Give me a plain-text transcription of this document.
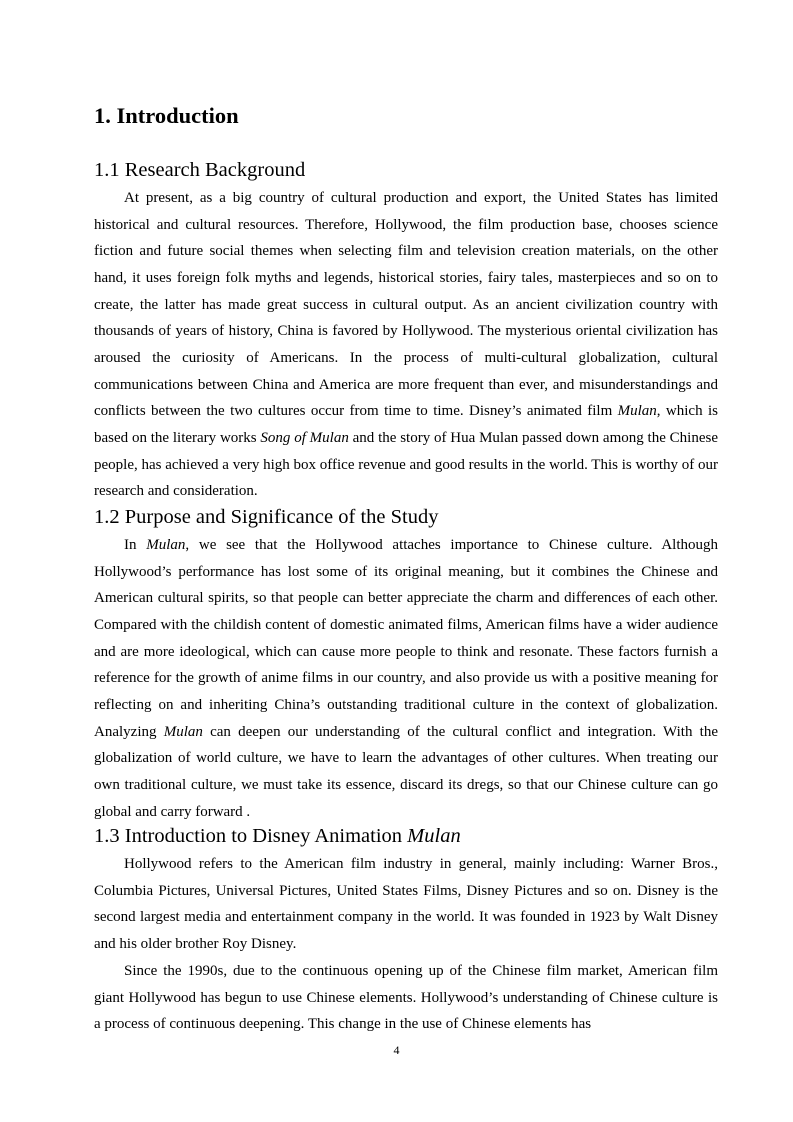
1. Introduction
1.1 Research Background

At present, as a big country of cultural production and export, the United States has limited historical and cultural resources. Therefore, Hollywood, the film production base, chooses science fiction and future social themes when selecting film and television creation materials, on the other hand, it uses foreign folk myths and legends, historical stories, fairy tales, masterpieces and so on to create, the latter has made great success in cultural output. As an ancient civilization country with thousands of years of history, China is favored by Hollywood. The mysterious oriental civilization has aroused the curiosity of Americans. In the process of multi-cultural globalization, cultural communications between China and America are more frequent than ever, and misunderstandings and conflicts between the two cultures occur from time to time. Disney’s animated film Mulan, which is based on the literary works Song of Mulan and the story of Hua Mulan passed down among the Chinese people, has achieved a very high box office revenue and good results in the world. This is worthy of our research and consideration.

1.2 Purpose and Significance of the Study

In Mulan, we see that the Hollywood attaches importance to Chinese culture. Although Hollywood’s performance has lost some of its original meaning, but it combines the Chinese and American cultural spirits, so that people can better appreciate the charm and differences of each other. Compared with the childish content of domestic animated films, American films have a wider audience and are more ideological, which can cause more people to think and resonate. These factors furnish a reference for the growth of anime films in our country, and also provide us with a positive meaning for reflecting on and inheriting China’s outstanding traditional culture in the context of globalization. Analyzing Mulan can deepen our understanding of the cultural conflict and integration. With the globalization of world culture, we have to learn the advantages of other cultures. When treating our own traditional culture, we must take its essence, discard its dregs, so that our Chinese culture can go global and carry forward .

1.3 Introduction to Disney Animation Mulan

Hollywood refers to the American film industry in general, mainly including: Warner Bros., Columbia Pictures, Universal Pictures, United States Films, Disney Pictures and so on. Disney is the second largest media and entertainment company in the world. It was founded in 1923 by Walt Disney and his older brother Roy Disney.

Since the 1990s, due to the continuous opening up of the Chinese film market, American film giant Hollywood has begun to use Chinese elements. Hollywood’s understanding of Chinese culture is a process of continuous deepening. This change in the use of Chinese elements has

4
